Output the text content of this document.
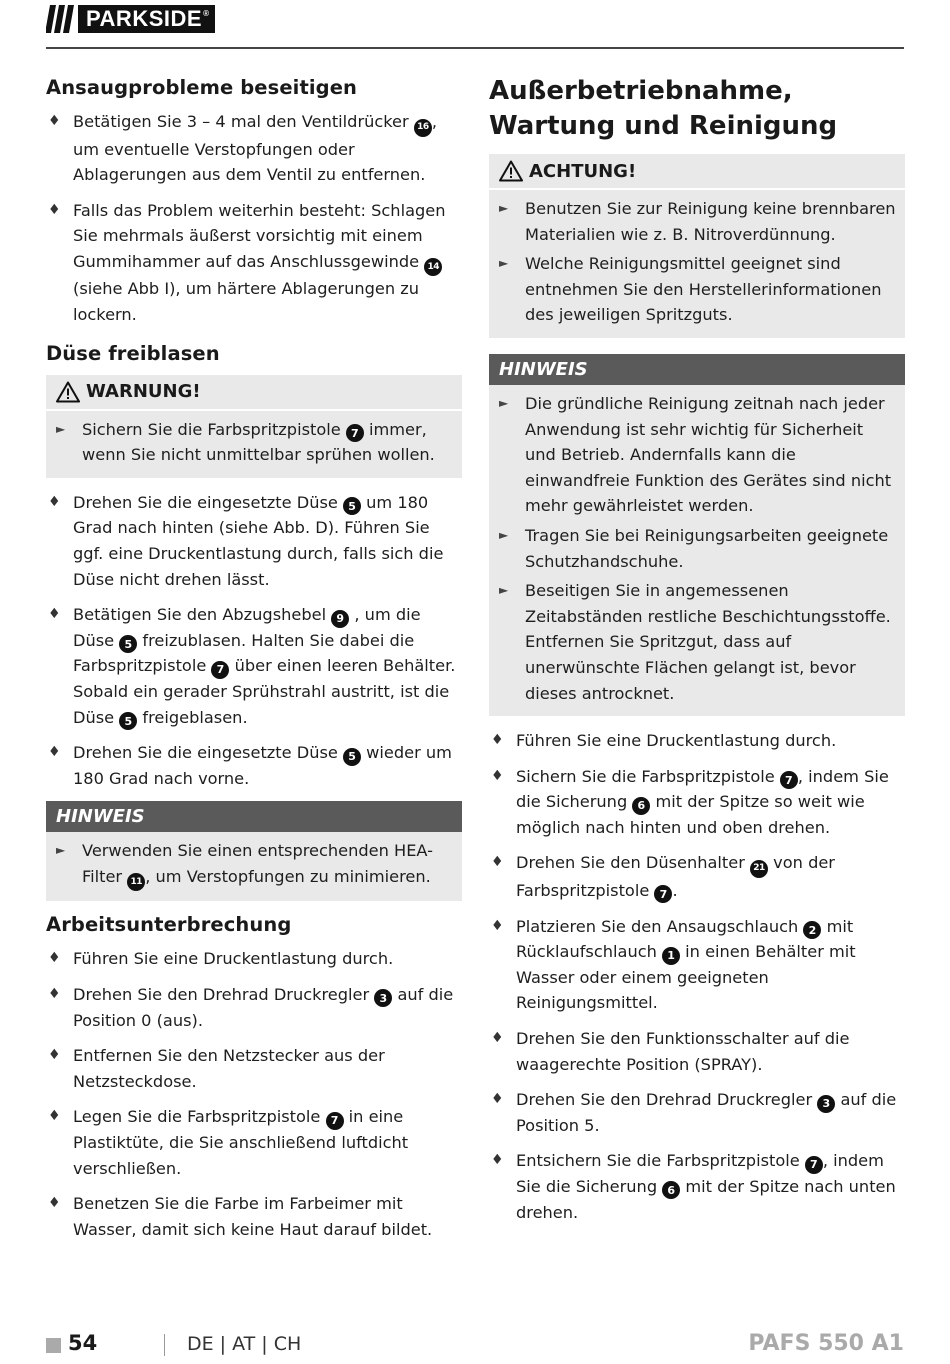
PARKSIDE®
Ansaugprobleme beseitigen
♦ Betätigen Sie 3 – 4 mal den Ventildrücker 16 , um eventuelle Verstopfungen oder Ablagerungen aus dem Ventil zu entfernen.
♦ Falls das Problem weiterhin besteht: Schlagen Sie mehrmals äußerst vorsichtig mit einem Gummihammer auf das Anschlussgewinde 14 (siehe Abb I), um härtere Ablagerungen zu lockern.
Düse freiblasen
WARNUNG!
► Sichern Sie die Farbspritzpistole 7 immer, wenn Sie nicht unmittelbar sprühen wollen.
♦ Drehen Sie die eingesetzte Düse 5 um 180 Grad nach hinten (siehe Abb. D). Führen Sie ggf. eine Druckentlastung durch, falls sich die Düse nicht drehen lässt.
♦ Betätigen Sie den Abzugshebel 9 , um die Düse 5 freizublasen. Halten Sie dabei die Farbspritzpistole 7 über einen leeren Behälter. Sobald ein gerader Sprühstrahl austritt, ist die Düse 5 freigeblasen.
♦ Drehen Sie die eingesetzte Düse 5 wieder um 180 Grad nach vorne.
HINWEIS
► Verwenden Sie einen entsprechenden HEA-Filter 11 , um Verstopfungen zu minimieren.
Arbeitsunterbrechung
♦ Führen Sie eine Druckentlastung durch.
♦ Drehen Sie den Drehrad Druckregler 3 auf die Position 0 (aus).
♦ Entfernen Sie den Netzstecker aus der Netzsteckdose.
♦ Legen Sie die Farbspritzpistole 7 in eine Plastiktüte, die Sie anschließend luftdicht verschließen.
♦ Benetzen Sie die Farbe im Farbeimer mit Wasser, damit sich keine Haut darauf bildet.
Außerbetriebnahme, Wartung und Reinigung
ACHTUNG!
► Benutzen Sie zur Reinigung keine brennbaren Materialien wie z. B. Nitroverdünnung.
► Welche Reinigungsmittel geeignet sind entnehmen Sie den Herstellerinformationen des jeweiligen Spritzguts.
HINWEIS
► Die gründliche Reinigung zeitnah nach jeder Anwendung ist sehr wichtig für Sicherheit und Betrieb. Andernfalls kann die einwandfreie Funktion des Gerätes sind nicht mehr gewährleistet werden.
► Tragen Sie bei Reinigungsarbeiten geeignete Schutzhandschuhe.
► Beseitigen Sie in angemessenen Zeitabständen restliche Beschichtungsstoffe. Entfernen Sie Spritzgut, dass auf unerwünschte Flächen gelangt ist, bevor dieses antrocknet.
♦ Führen Sie eine Druckentlastung durch.
♦ Sichern Sie die Farbspritzpistole 7 , indem Sie die Sicherung 6 mit der Spitze so weit wie möglich nach hinten und oben drehen.
♦ Drehen Sie den Düsenhalter 21 von der Farbspritzpistole 7 .
♦ Platzieren Sie den Ansaugschlauch 2 mit Rücklaufschlauch 1 in einen Behälter mit Wasser oder einem geeigneten Reinigungsmittel.
♦ Drehen Sie den Funktionsschalter auf die waagerechte Position (SPRAY).
♦ Drehen Sie den Drehrad Druckregler 3 auf die Position 5.
♦ Entsichern Sie die Farbspritzpistole 7 , indem Sie die Sicherung 6 mit der Spitze nach unten drehen.
54	DE | AT | CH	PAFS 550 A1
